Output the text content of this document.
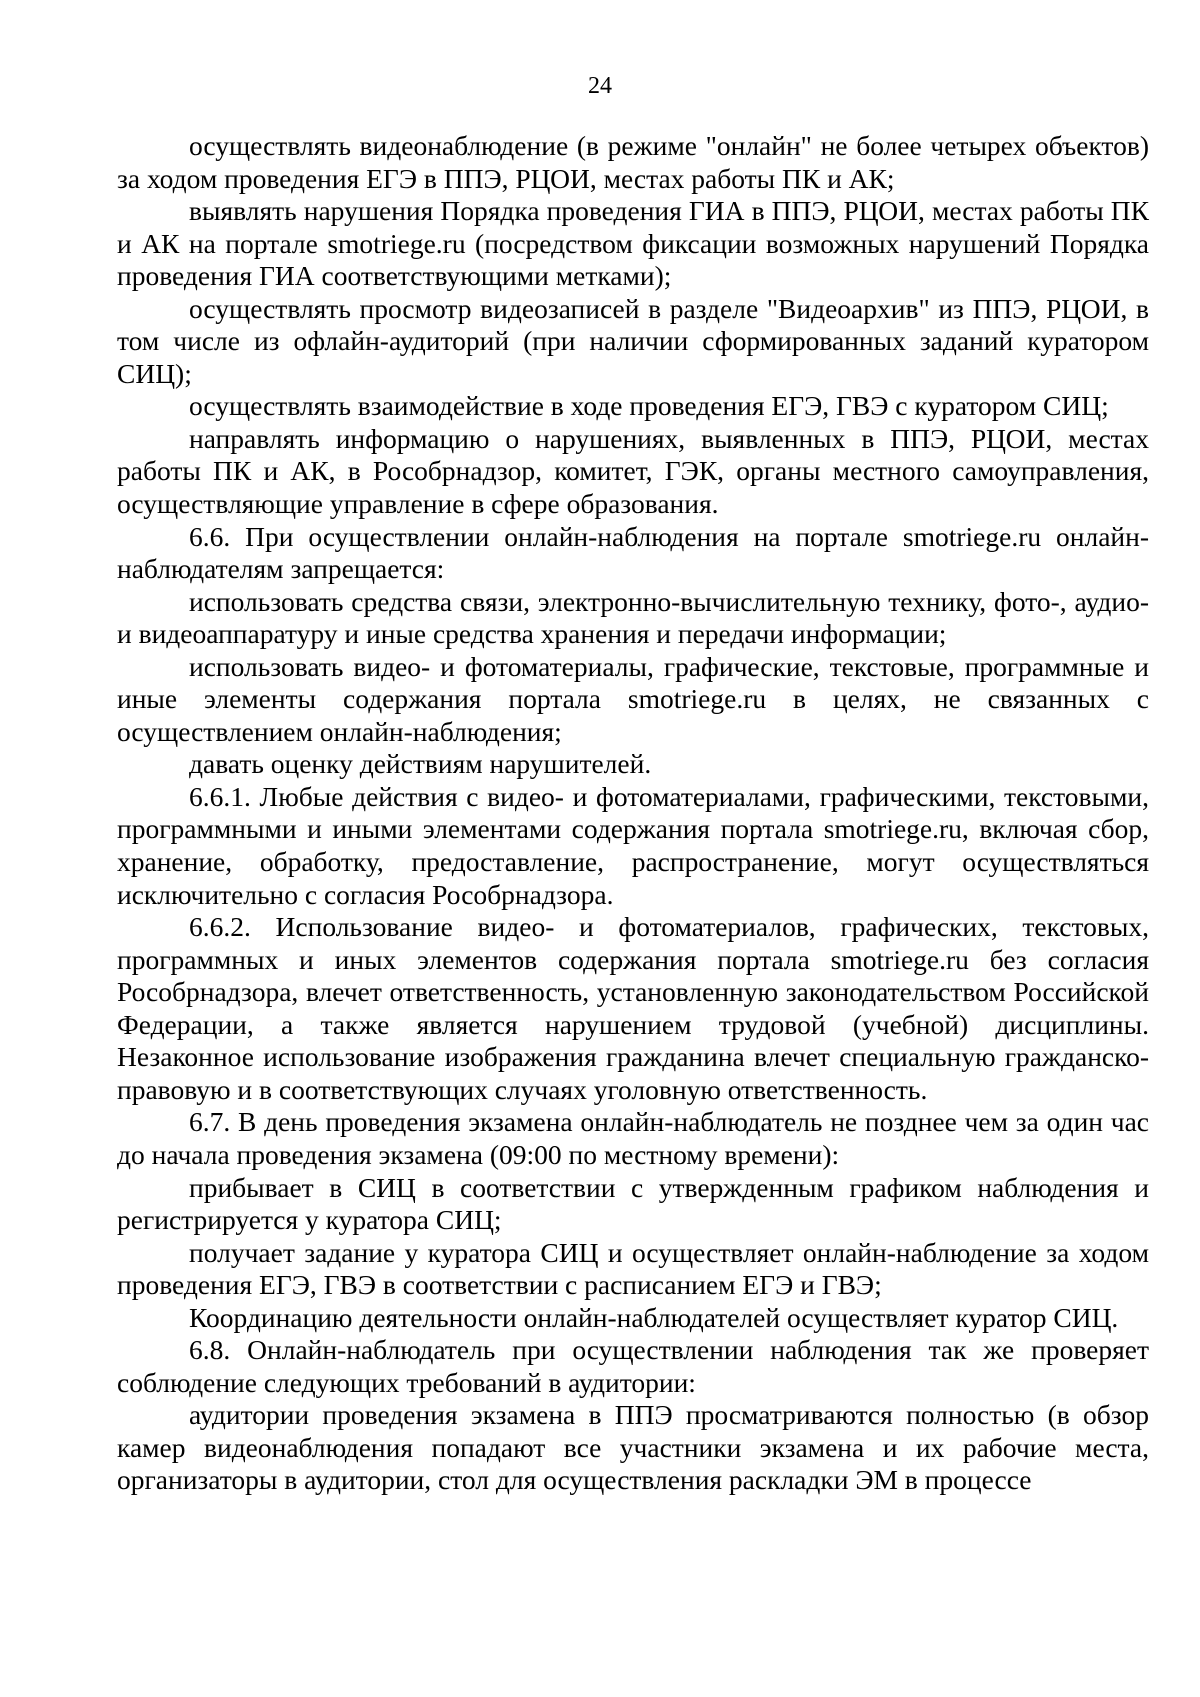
24

осуществлять видеонаблюдение (в режиме "онлайн" не более четырех объектов) за ходом проведения ЕГЭ в ППЭ, РЦОИ, местах работы ПК и АК;

выявлять нарушения Порядка проведения ГИА в ППЭ, РЦОИ, местах работы ПК и АК на портале smotriege.ru (посредством фиксации возможных нарушений Порядка проведения ГИА соответствующими метками);

осуществлять просмотр видеозаписей в разделе "Видеоархив" из ППЭ, РЦОИ, в том числе из офлайн-аудиторий (при наличии сформированных заданий куратором СИЦ);

осуществлять взаимодействие в ходе проведения ЕГЭ, ГВЭ с куратором СИЦ;

направлять информацию о нарушениях, выявленных в ППЭ, РЦОИ, местах работы ПК и АК, в Рособрнадзор, комитет, ГЭК, органы местного самоуправления, осуществляющие управление в сфере образования.

6.6. При осуществлении онлайн-наблюдения на портале smotriege.ru онлайн-наблюдателям запрещается:

использовать средства связи, электронно-вычислительную технику, фото-, аудио- и видеоаппаратуру и иные средства хранения и передачи информации;

использовать видео- и фотоматериалы, графические, текстовые, программные и иные элементы содержания портала smotriege.ru в целях, не связанных с осуществлением онлайн-наблюдения;

давать оценку действиям нарушителей.

6.6.1. Любые действия с видео- и фотоматериалами, графическими, текстовыми, программными и иными элементами содержания портала smotriege.ru, включая сбор, хранение, обработку, предоставление, распространение, могут осуществляться исключительно с согласия Рособрнадзора.

6.6.2. Использование видео- и фотоматериалов, графических, текстовых, программных и иных элементов содержания портала smotriege.ru без согласия Рособрнадзора, влечет ответственность, установленную законодательством Российской Федерации, а также является нарушением трудовой (учебной) дисциплины. Незаконное использование изображения гражданина влечет специальную гражданско-правовую и в соответствующих случаях уголовную ответственность.

6.7. В день проведения экзамена онлайн-наблюдатель не позднее чем за один час до начала проведения экзамена (09:00 по местному времени):

прибывает в СИЦ в соответствии с утвержденным графиком наблюдения и регистрируется у куратора СИЦ;

получает задание у куратора СИЦ и осуществляет онлайн-наблюдение за ходом проведения ЕГЭ, ГВЭ в соответствии с расписанием ЕГЭ и ГВЭ;

Координацию деятельности онлайн-наблюдателей осуществляет куратор СИЦ.

6.8. Онлайн-наблюдатель при осуществлении наблюдения так же проверяет соблюдение следующих требований в аудитории:

аудитории проведения экзамена в ППЭ просматриваются полностью (в обзор камер видеонаблюдения попадают все участники экзамена и их рабочие места, организаторы в аудитории, стол для осуществления раскладки ЭМ в процессе
